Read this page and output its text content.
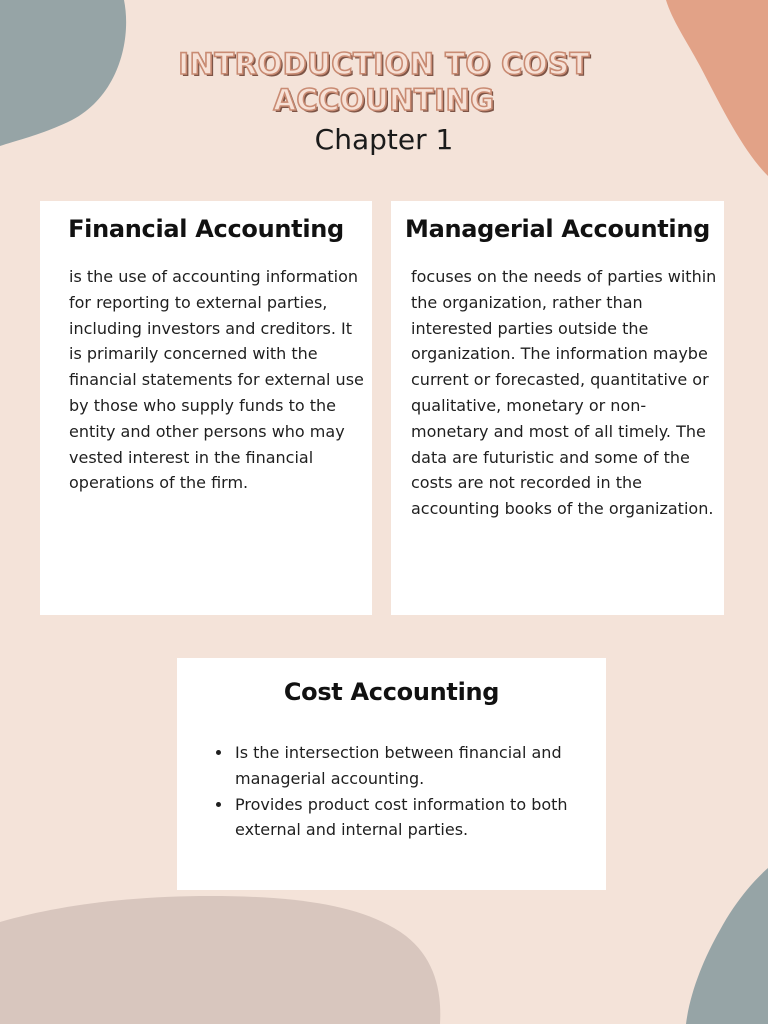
INTRODUCTION TO COST
ACCOUNTING
Chapter 1
Financial Accounting

is the use of accounting information for reporting to external parties, including investors and creditors. It is primarily concerned with the financial statements for external use by those who supply funds to the entity and other persons who may vested interest in the financial operations of the firm.

Managerial Accounting

focuses on the needs of parties within the organization, rather than interested parties outside the organization. The information maybe current or forecasted, quantitative or qualitative, monetary or non-monetary and most of all timely. The data are futuristic and some of the costs are not recorded in the accounting books of the organization.

Cost Accounting
Is the intersection between financial and managerial accounting.
Provides product cost information to both external and internal parties.
